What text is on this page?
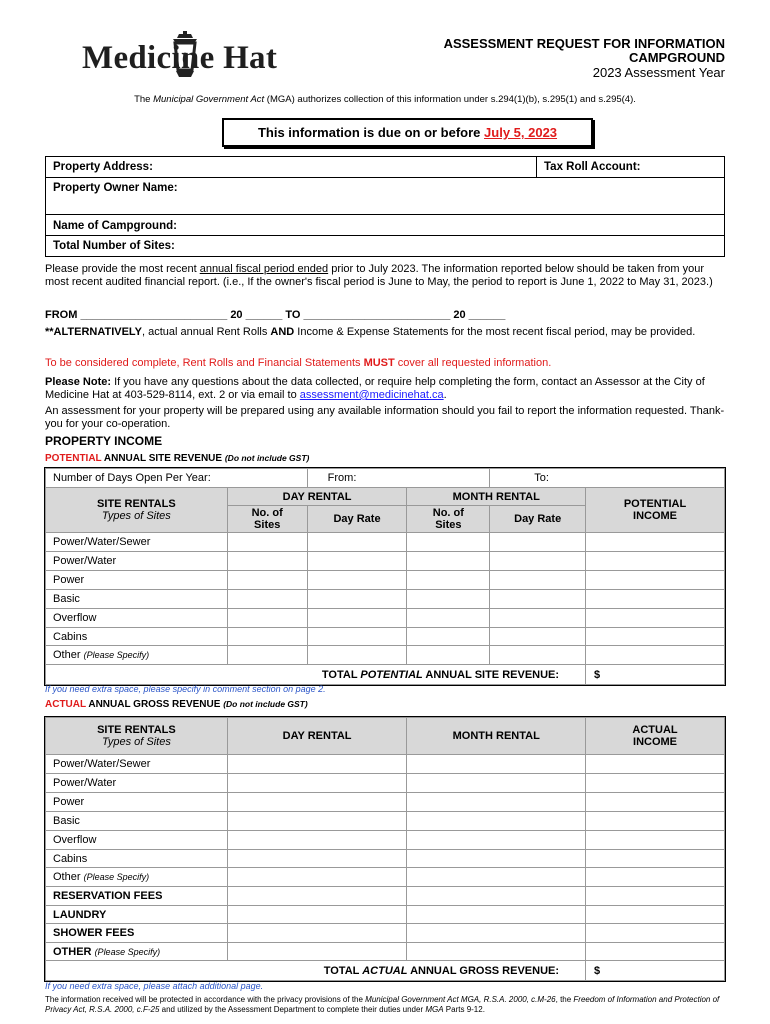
Medicine Hat	ASSESSMENT REQUEST FOR INFORMATION
CAMPGROUND
2023 Assessment Year
The Municipal Government Act (MGA) authorizes collection of this information under s.294(1)(b), s.295(1) and s.295(4).
This information is due on or before July 5, 2023
Property Address:	Tax Roll Account:
Property Owner Name:
Name of Campground:
Total Number of Sites:
Please provide the most recent annual fiscal period ended prior to July 2023. The information reported below should be taken from your most recent audited financial report. (i.e., If the owner's fiscal period is June to May, the period to report is June 1, 2022 to May 31, 2023.)
FROM ________________________ 20 ______ TO ________________________ 20 ______
**ALTERNATIVELY, actual annual Rent Rolls AND Income & Expense Statements for the most recent fiscal period, may be provided.
To be considered complete, Rent Rolls and Financial Statements MUST cover all requested information.
Please Note: If you have any questions about the data collected, or require help completing the form, contact an Assessor at the City of Medicine Hat at 403-529-8114, ext. 2 or via email to assessment@medicinehat.ca.
An assessment for your property will be prepared using any available information should you fail to report the information requested. Thank-you for your co-operation.
PROPERTY INCOME
POTENTIAL ANNUAL SITE REVENUE (Do not include GST)
Number of Days Open Per Year:		From:		To:	

SITE RENTALS
Types of Sites	DAY RENTAL		MONTH RENTAL		POTENTIAL INCOME
	No. of Sites	Day Rate	No. of Sites	Day Rate	
Power/Water/Sewer					
Power/Water					
Power					
Basic					
Overflow					
Cabins					
Other (Please Specify)					
TOTAL POTENTIAL ANNUAL SITE REVENUE:					$
If you need extra space, please specify in comment section on page 2.
ACTUAL ANNUAL GROSS REVENUE (Do not include GST)
SITE RENTALS
Types of Sites	DAY RENTAL	MONTH RENTAL	ACTUAL INCOME
Power/Water/Sewer			
Power/Water			
Power			
Basic			
Overflow			
Cabins			
Other (Please Specify)			
RESERVATION FEES			
LAUNDRY			
SHOWER FEES			
OTHER (Please Specify)			
TOTAL ACTUAL ANNUAL GROSS REVENUE:			$
If you need extra space, please attach additional page.
The information received will be protected in accordance with the privacy provisions of the Municipal Government Act MGA, R.S.A. 2000, c.M-26, the Freedom of Information and Protection of Privacy Act, R.S.A. 2000, c.F-25 and utilized by the Assessment Department to complete their duties under MGA Parts 9-12.
